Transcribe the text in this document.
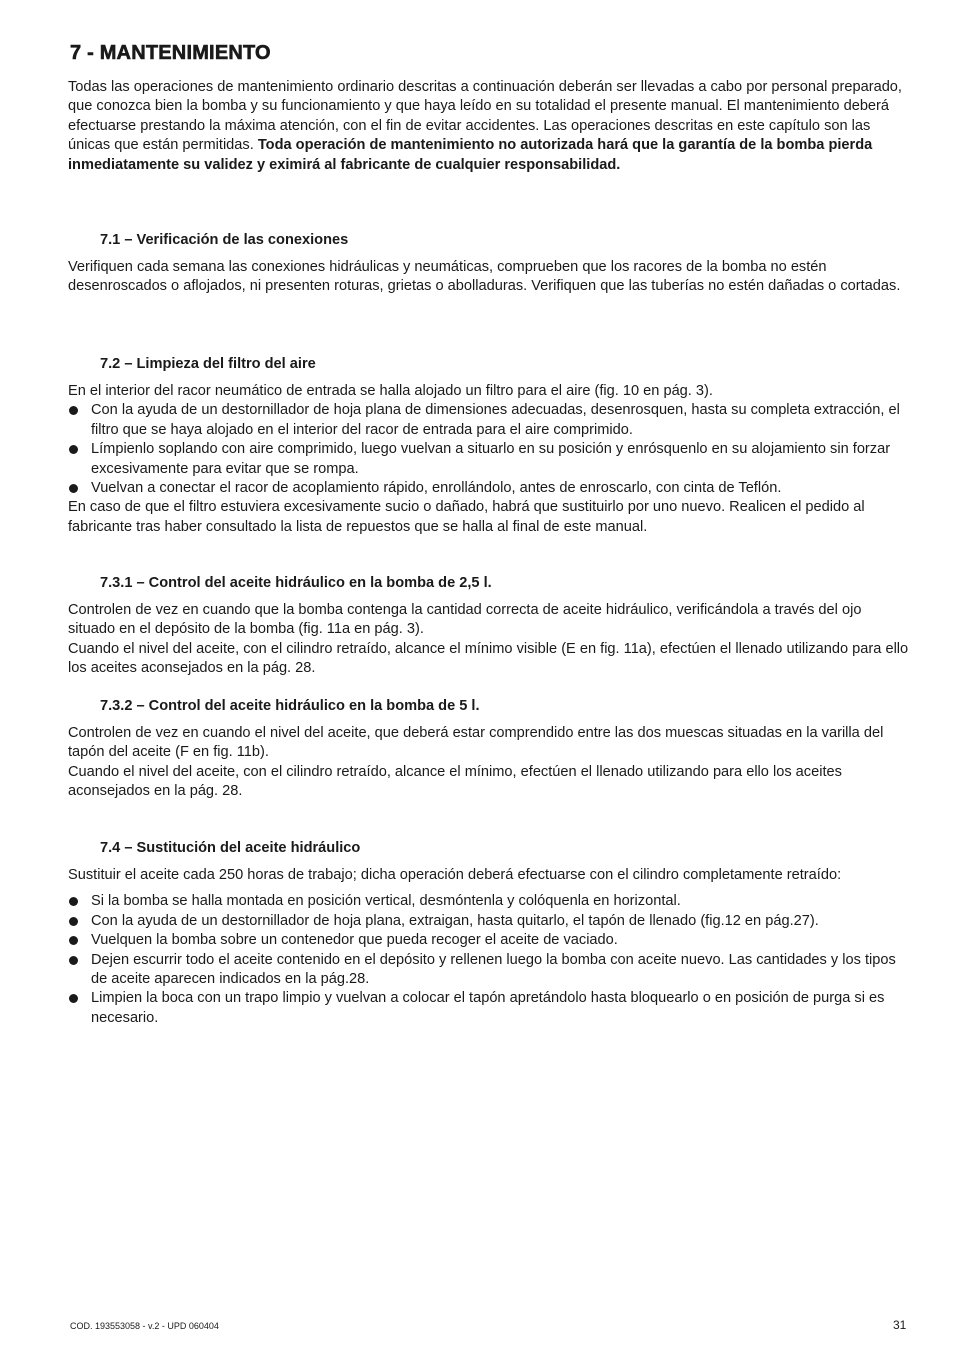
7 - MANTENIMIENTO

Todas las operaciones de mantenimiento ordinario descritas a continuación deberán ser llevadas a cabo por personal preparado, que conozca bien la bomba y su funcionamiento y que haya leído en su totalidad el presente manual. El mantenimiento deberá efectuarse prestando la máxima atención, con el fin de evitar accidentes. Las operaciones descritas en este capítulo son las únicas que están permitidas. Toda operación de mantenimiento no autorizada hará que la garantía de la bomba pierda inmediatamente su validez y eximirá al fabricante de cualquier responsabilidad.

7.1 – Verificación de las conexiones

Verifiquen cada semana las conexiones hidráulicas y neumáticas, comprueben que los racores de la bomba no estén desenroscados o aflojados, ni presenten roturas, grietas o abolladuras. Verifiquen que las tuberías no estén dañadas o cortadas.

7.2 – Limpieza del filtro del aire

En el interior del racor neumático de entrada se halla alojado un filtro para el aire (fig. 10 en pág. 3).

Con la ayuda de un destornillador de hoja plana de dimensiones adecuadas, desenrosquen, hasta su completa extracción, el filtro que se haya alojado en el interior del racor de entrada para el aire comprimido.
Límpienlo soplando con aire comprimido, luego vuelvan a situarlo en su posición y enrósquenlo en su alojamiento sin forzar excesivamente para evitar que se rompa.
Vuelvan a conectar el racor de acoplamiento rápido, enrollándolo, antes de enroscarlo, con cinta de Teflón.

En caso de que el filtro estuviera excesivamente sucio o dañado, habrá que sustituirlo por uno nuevo. Realicen el pedido al fabricante tras haber consultado la lista de repuestos que se halla al final de este manual.

7.3.1 – Control del aceite hidráulico en la bomba de 2,5 l.

Controlen de vez en cuando que la bomba contenga la cantidad correcta de aceite hidráulico, verificándola a través del ojo situado en el depósito de la bomba (fig. 11a en pág. 3).

Cuando el nivel del aceite, con el cilindro retraído, alcance el mínimo visible (E en fig. 11a), efectúen el llenado utilizando para ello los aceites aconsejados en la pág. 28.

7.3.2 – Control del aceite hidráulico en la bomba de 5 l.

Controlen de vez en cuando el nivel del aceite, que deberá estar comprendido entre las dos muescas situadas en la varilla del tapón del aceite (F en fig. 11b).

Cuando el nivel del aceite, con el cilindro retraído, alcance el mínimo, efectúen el llenado utilizando para ello los aceites aconsejados en la pág. 28.

7.4 – Sustitución del aceite hidráulico

Sustituir el aceite cada 250 horas de trabajo; dicha operación deberá efectuarse con el cilindro completamente retraído:

Si la bomba se halla montada en posición vertical, desmóntenla y colóquenla en horizontal.
Con la ayuda de un destornillador de hoja plana, extraigan, hasta quitarlo, el tapón de llenado (fig.12 en pág.27).
Vuelquen la bomba sobre un contenedor que pueda recoger el aceite de vaciado.
Dejen escurrir todo el aceite contenido en el depósito y rellenen luego la bomba con aceite nuevo. Las cantidades y los tipos de aceite aparecen indicados en la pág.28.
Limpien la boca con un trapo limpio y vuelvan a colocar el tapón apretándolo hasta bloquearlo o en posición de purga si es necesario.
COD. 193553058 - v.2 - UPD 060404	31
